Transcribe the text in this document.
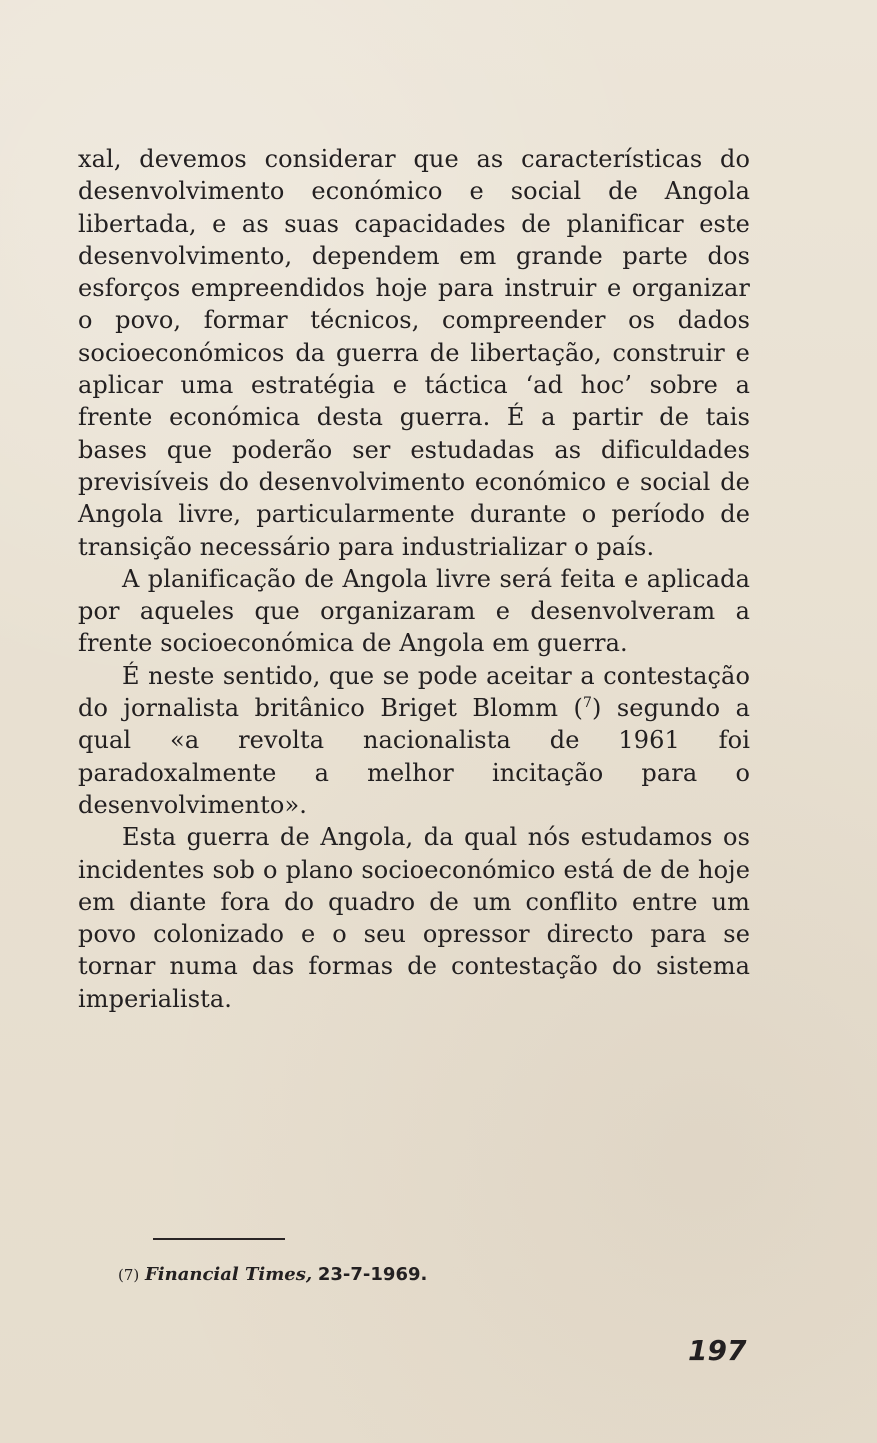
xal, devemos considerar que as características do desenvolvimento económico e social de Angola libertada, e as suas capacidades de planificar este desenvolvimento, dependem em grande parte dos esforços empreendidos hoje para instruir e organizar o povo, formar técnicos, compreender os dados socioeconómicos da guerra de libertação, construir e aplicar uma estratégia e táctica ‘ad hoc’ sobre a frente económica desta guerra. É a partir de tais bases que poderão ser estudadas as dificuldades previsíveis do desenvolvimento económico e social de Angola livre, particularmente durante o período de transição necessário para industrializar o país.

A planificação de Angola livre será feita e aplicada por aqueles que organizaram e desenvolveram a frente socioeconómica de Angola em guerra.

É neste sentido, que se pode aceitar a contestação do jornalista britânico Briget Blomm ($^7$) segundo a qual «a revolta nacionalista de 1961 foi paradoxalmente a melhor incitação para o desenvolvimento».

Esta guerra de Angola, da qual nós estudamos os incidentes sob o plano socioeconómico está de de hoje em diante fora do quadro de um conflito entre um povo colonizado e o seu opressor directo para se tornar numa das formas de contestação do sistema imperialista.

(7) Financial Times, 23-7-1969.
197
